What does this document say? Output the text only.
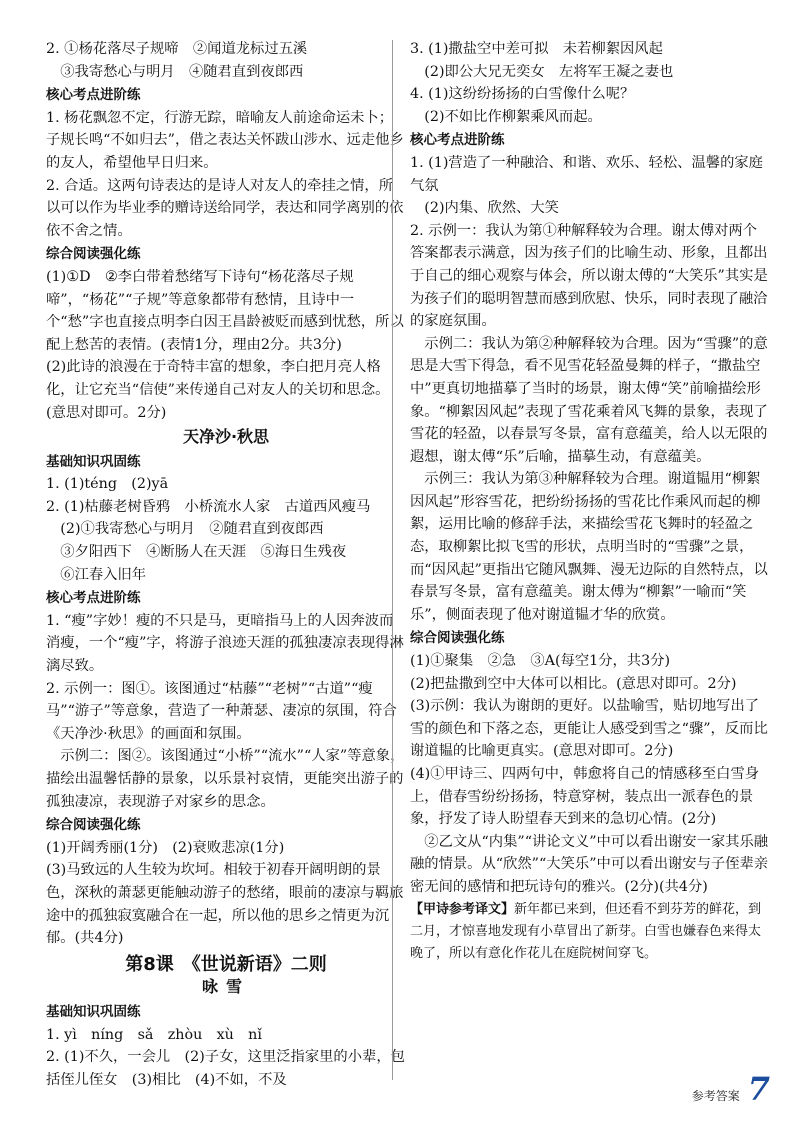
2. ①杨花落尽子规啼　②闻道龙标过五溪
　③我寄愁心与明月　④随君直到夜郎西
核心考点进阶练
1. 杨花飘忽不定，行游无踪，暗喻友人前途命运未卜；子规长鸣“不如归去”，借之表达关怀跋山涉水、远走他乡的友人，希望他早日归来。
2. 合适。这两句诗表达的是诗人对友人的牵挂之情，所以可以作为毕业季的赠诗送给同学，表达和同学离别的依依不舍之情。
综合阅读强化练
(1)①D　②李白带着愁绪写下诗句“杨花落尽子规啼”，“杨花”“子规”等意象都带有愁情，且诗中一个“愁”字也直接点明李白因王昌龄被贬而感到忧愁，所以配上愁苦的表情。(表情1分，理由2分。共3分)
(2)此诗的浪漫在于奇特丰富的想象，李白把月亮人格化，让它充当“信使”来传递自己对友人的关切和思念。(意思对即可。2分)
天净沙·秋思
基础知识巩固练
1. (1)téng　(2)yā
2. (1)枯藤老树昏鸦　小桥流水人家　古道西风瘦马
　(2)①我寄愁心与明月　②随君直到夜郎西
　③夕阳西下　④断肠人在天涯　⑤海日生残夜
　⑥江春入旧年
核心考点进阶练
1. “瘦”字妙！瘦的不只是马，更暗指马上的人因奔波而消瘦，一个“瘦”字，将游子浪迹天涯的孤独凄凉表现得淋漓尽致。
2. 示例一：图①。该图通过“枯藤”“老树”“古道”“瘦马”“游子”等意象，营造了一种萧瑟、凄凉的氛围，符合《天净沙·秋思》的画面和氛围。
　示例二：图②。该图通过“小桥”“流水”“人家”等意象，描绘出温馨恬静的景象，以乐景衬哀情，更能突出游子的孤独凄凉，表现游子对家乡的思念。
综合阅读强化练
(1)开阔秀丽(1分)　(2)衰败悲凉(1分)
(3)马致远的人生较为坎坷。相较于初春开阔明朗的景色，深秋的萧瑟更能触动游子的愁绪，眼前的凄凉与羁旅途中的孤独寂寞融合在一起，所以他的思乡之情更为沉郁。(共4分)
第8课　《世说新语》二则
咏雪
基础知识巩固练
1. yì　níng　sǎ　zhòu　xù　nǐ
2. (1)不久，一会儿　(2)子女，这里泛指家里的小辈，包括侄儿侄女　(3)相比　(4)不如，不及
3. (1)撒盐空中差可拟　未若柳絮因风起
　(2)即公大兄无奕女　左将军王凝之妻也
4. (1)这纷纷扬扬的白雪像什么呢？
　(2)不如比作柳絮乘风而起。
核心考点进阶练
1. (1)营造了一种融洽、和谐、欢乐、轻松、温馨的家庭气氛
　(2)内集、欣然、大笑
2. 示例一：我认为第①种解释较为合理。谢太傅对两个答案都表示满意，因为孩子们的比喻生动、形象，且都出于自己的细心观察与体会，所以谢太傅的“大笑乐”其实是为孩子们的聪明智慧而感到欣慰、快乐，同时表现了融洽的家庭氛围。
　示例二：我认为第②种解释较为合理。因为“雪骤”的意思是大雪下得急，看不见雪花轻盈曼舞的样子，“撒盐空中”更真切地描摹了当时的场景，谢太傅“笑”前喻描绘形象。“柳絮因风起”表现了雪花乘着风飞舞的景象，表现了雪花的轻盈，以春景写冬景，富有意蕴美，给人以无限的遐想，谢太傅“乐”后喻，描摹生动，有意蕴美。
　示例三：我认为第③种解释较为合理。谢道韫用“柳絮因风起”形容雪花，把纷纷扬扬的雪花比作乘风而起的柳絮，运用比喻的修辞手法，来描绘雪花飞舞时的轻盈之态，取柳絮比拟飞雪的形状，点明当时的“雪骤”之景，而“因风起”更指出它随风飘舞、漫无边际的自然特点，以春景写冬景，富有意蕴美。谢太傅为“柳絮”一喻而“笑乐”，侧面表现了他对谢道韫才华的欣赏。
综合阅读强化练
(1)①聚集　②急　③A(每空1分，共3分)
(2)把盐撒到空中大体可以相比。(意思对即可。2分)
(3)示例：我认为谢朗的更好。以盐喻雪，贴切地写出了雪的颜色和下落之态，更能让人感受到雪之“骤”，反而比谢道韫的比喻更真实。(意思对即可。2分)
(4)①甲诗三、四两句中，韩愈将自己的情感移至白雪身上，借春雪纷纷扬扬，特意穿树，装点出一派春色的景象，抒发了诗人盼望春天到来的急切心情。(2分)
　②乙文从“内集”“讲论文义”中可以看出谢安一家其乐融融的情景。从“欣然”“大笑乐”中可以看出谢安与子侄辈亲密无间的感情和把玩诗句的雅兴。(2分)(共4分)
【甲诗参考译文】新年都已来到，但还看不到芬芳的鲜花，到二月，才惊喜地发现有小草冒出了新芽。白雪也嫌春色来得太晚了，所以有意化作花儿在庭院树间穿飞。
参考答案 7
